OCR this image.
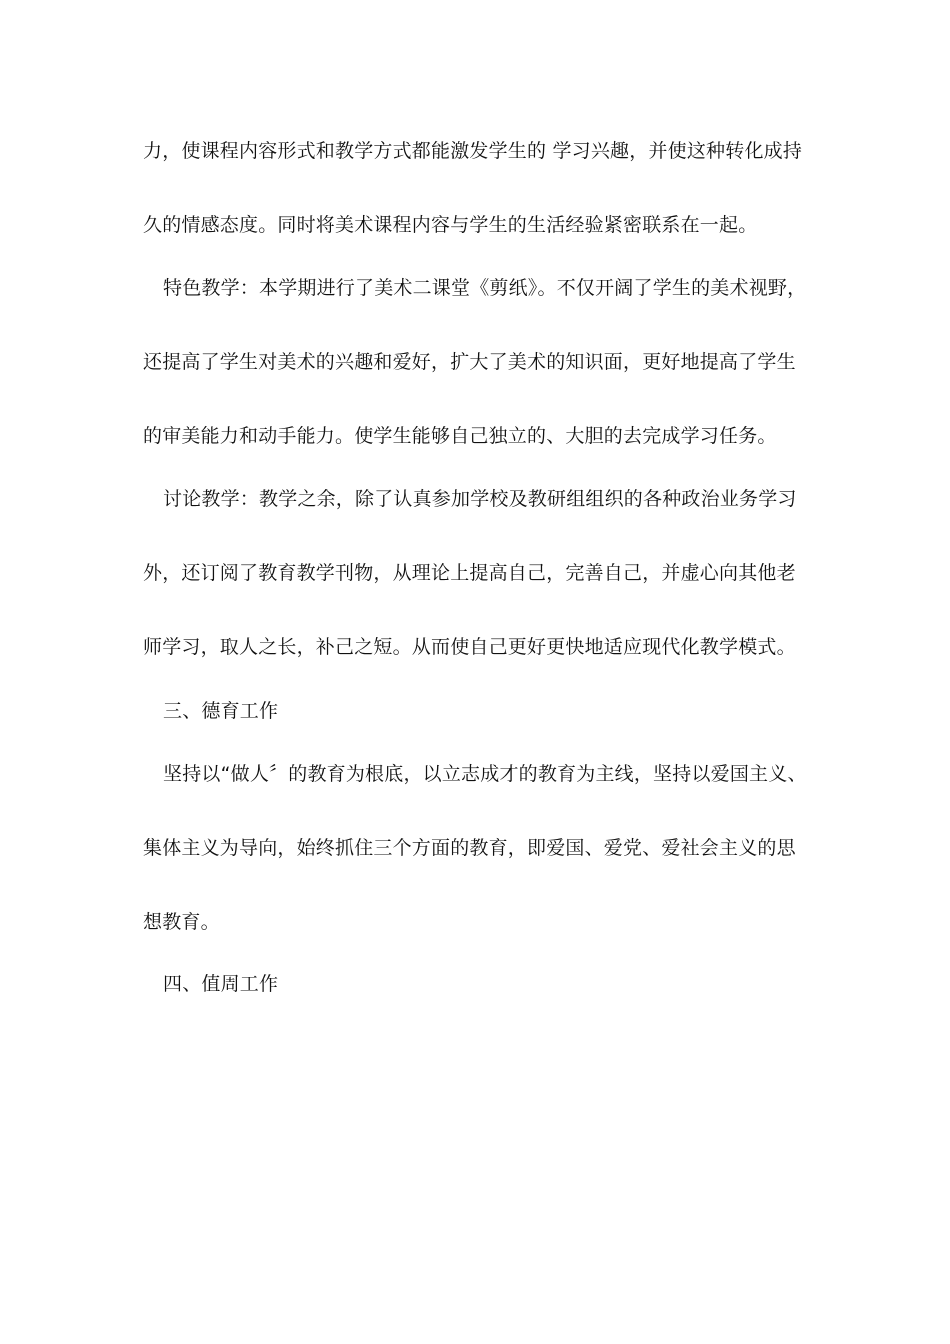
力，使课程内容形式和教学方式都能激发学生的 学习兴趣，并使这种转化成持
久的情感态度。同时将美术课程内容与学生的生活经验紧密联系在一起。
特色教学：本学期进行了美术二课堂《剪纸》。不仅开阔了学生的美术视野，
还提高了学生对美术的兴趣和爱好，扩大了美术的知识面，更好地提高了学生
的审美能力和动手能力。使学生能够自己独立的、大胆的去完成学习任务。
讨论教学：教学之余，除了认真参加学校及教研组组织的各种政治业务学习
外，还订阅了教育教学刊物，从理论上提高自己，完善自己，并虚心向其他老
师学习，取人之长，补己之短。从而使自己更好更快地适应现代化教学模式。
三、德育工作
坚持以“做人〞的教育为根底，以立志成才的教育为主线，坚持以爱国主义、
集体主义为导向，始终抓住三个方面的教育，即爱国、爱党、爱社会主义的思
想教育。
四、值周工作
